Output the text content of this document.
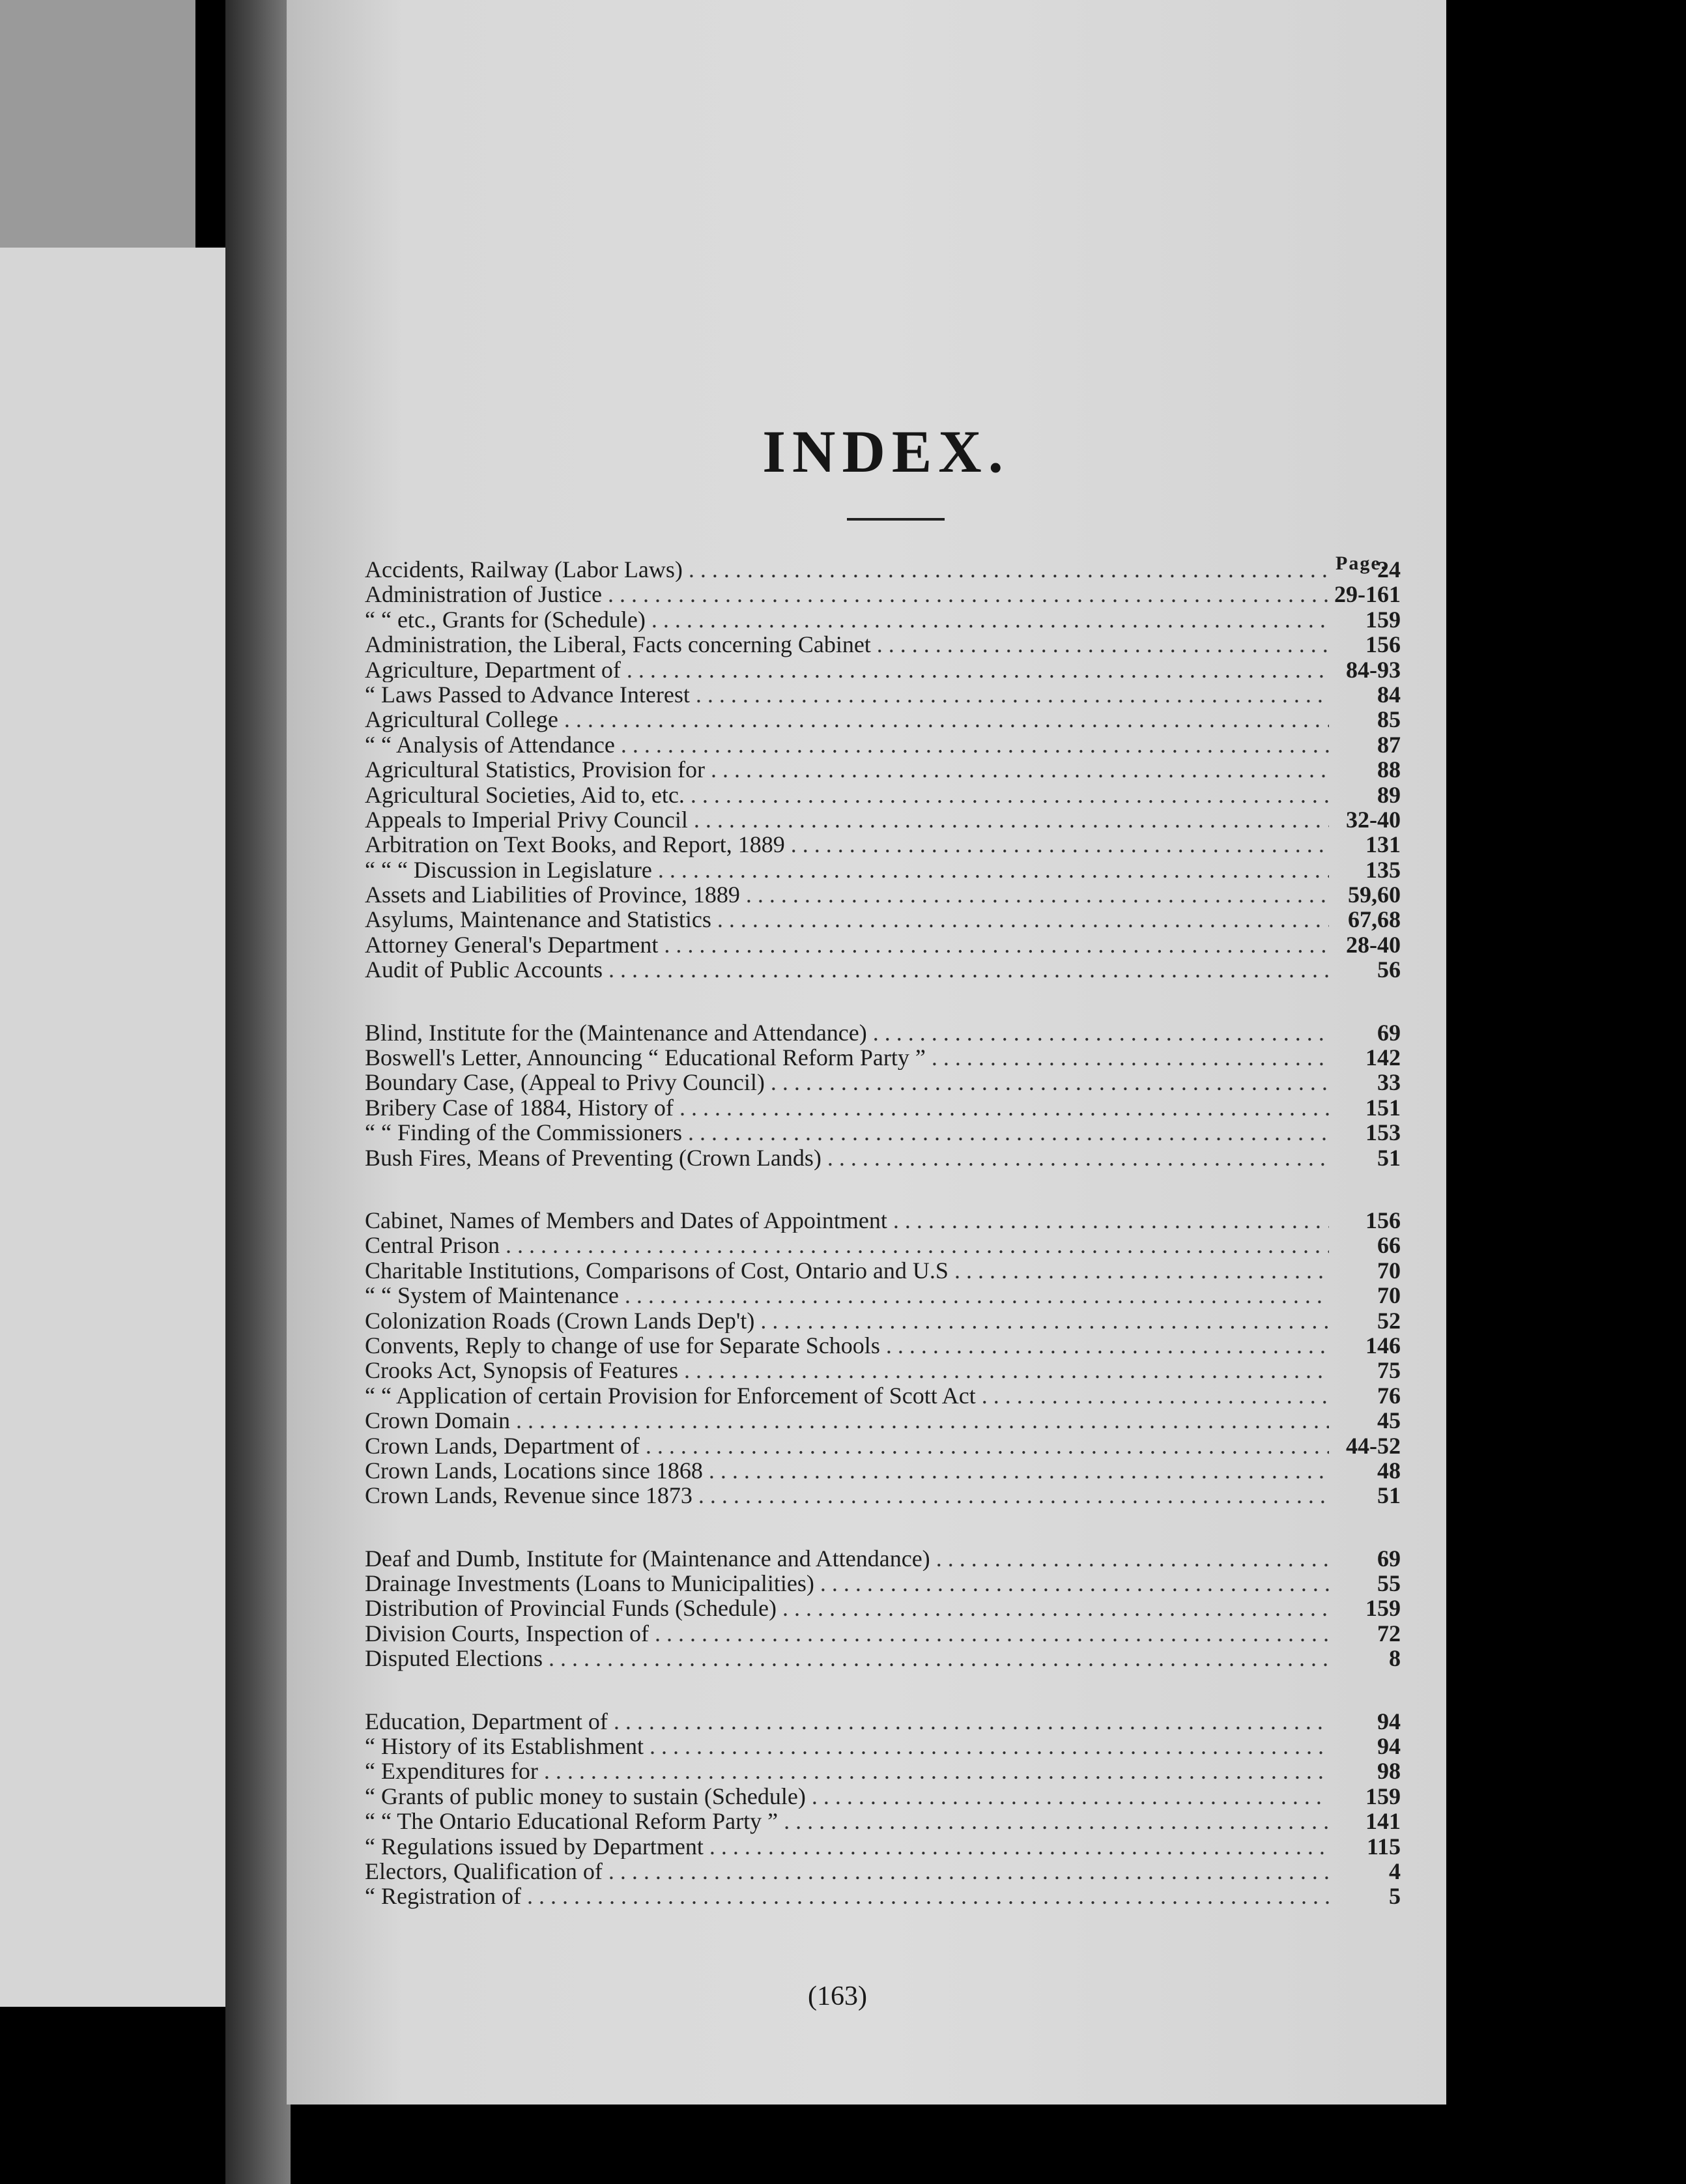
INDEX.
Page.
Accidents, Railway (Labor Laws) . . .	24
Administration of Justice . . .	29-161
“ “ etc., Grants for (Schedule) . . .	159
Administration, the Liberal, Facts concerning Cabinet . . .	156
Agriculture, Department of . . .	84-93
“ Laws Passed to Advance Interest . . .	84
Agricultural College . . .	85
“ “ Analysis of Attendance . . .	87
Agricultural Statistics, Provision for . . .	88
Agricultural Societies, Aid to, etc. . . .	89
Appeals to Imperial Privy Council . . .	32-40
Arbitration on Text Books, and Report, 1889 . . .	131
“ “ “ Discussion in Legislature . . .	135
Assets and Liabilities of Province, 1889 . . .	59,60
Asylums, Maintenance and Statistics . . .	67,68
Attorney General's Department . . .	28-40
Audit of Public Accounts . . .	56
Blind, Institute for the (Maintenance and Attendance) . . .	69
Boswell's Letter, Announcing “ Educational Reform Party ” . . .	142
Boundary Case, (Appeal to Privy Council) . . .	33
Bribery Case of 1884, History of . . .	151
“ “ Finding of the Commissioners . . .	153
Bush Fires, Means of Preventing (Crown Lands) . . .	51
Cabinet, Names of Members and Dates of Appointment . . .	156
Central Prison . . .	66
Charitable Institutions, Comparisons of Cost, Ontario and U.S . . .	70
“ “ System of Maintenance . . .	70
Colonization Roads (Crown Lands Dep't) . . .	52
Convents, Reply to change of use for Separate Schools . . .	146
Crooks Act, Synopsis of Features . . .	75
“ “ Application of certain Provision for Enforcement of Scott Act . . .	76
Crown Domain . . .	45
Crown Lands, Department of . . .	44-52
Crown Lands, Locations since 1868 . . .	48
Crown Lands, Revenue since 1873 . . .	51
Deaf and Dumb, Institute for (Maintenance and Attendance) . . .	69
Drainage Investments (Loans to Municipalities) . . .	55
Distribution of Provincial Funds (Schedule) . . .	159
Division Courts, Inspection of . . .	72
Disputed Elections . . .	8
Education, Department of . . .	94
“ History of its Establishment . . .	94
“ Expenditures for . . .	98
“ Grants of public money to sustain (Schedule) . . .	159
“ “ The Ontario Educational Reform Party ” . . .	141
“ Regulations issued by Department . . .	115
Electors, Qualification of . . .	4
“ Registration of . . .	5
(163)
